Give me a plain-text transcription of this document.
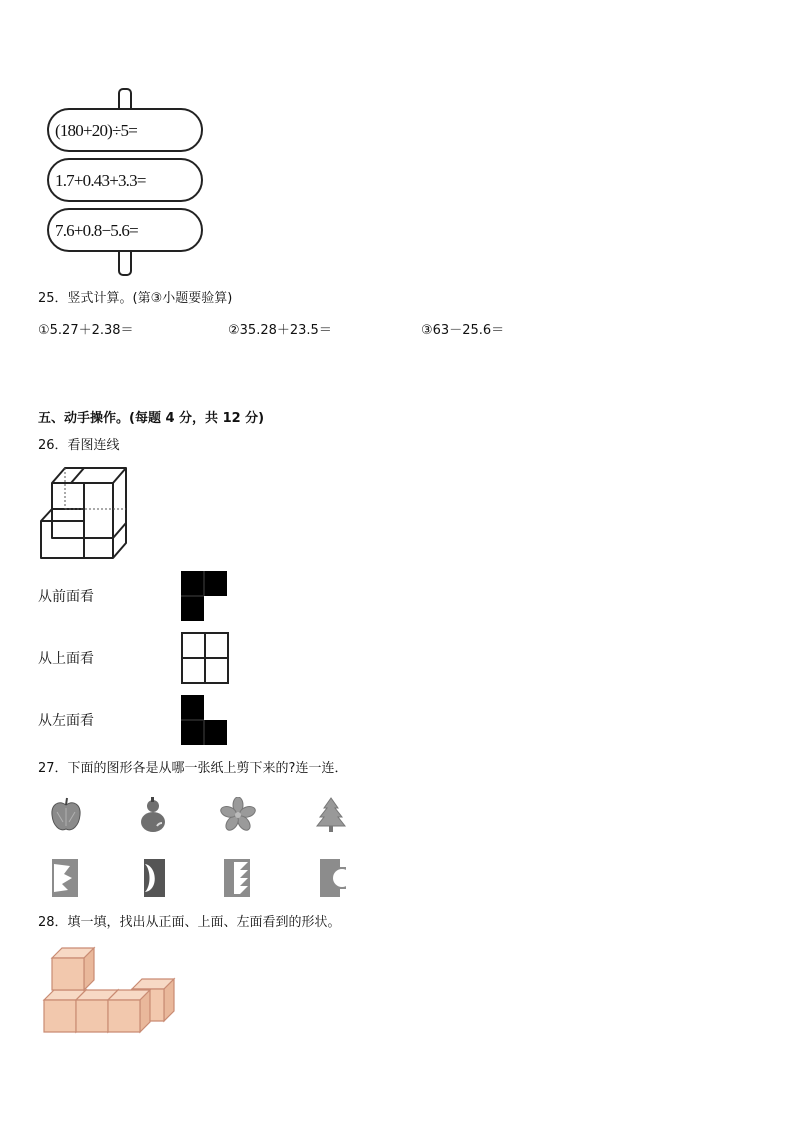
(180+20)÷5=
1.7+0.43+3.3=
7.6+0.8−5.6=
25．竖式计算。(第③小题要验算)
①5.27＋2.38＝	②35.28＋23.5＝	③63－25.6＝
五、动手操作。(每题 4 分，共 12 分)
26．看图连线
从前面看
从上面看
从左面看
27．下面的图形各是从哪一张纸上剪下来的?连一连．
28．填一填，找出从正面、上面、左面看到的形状。
